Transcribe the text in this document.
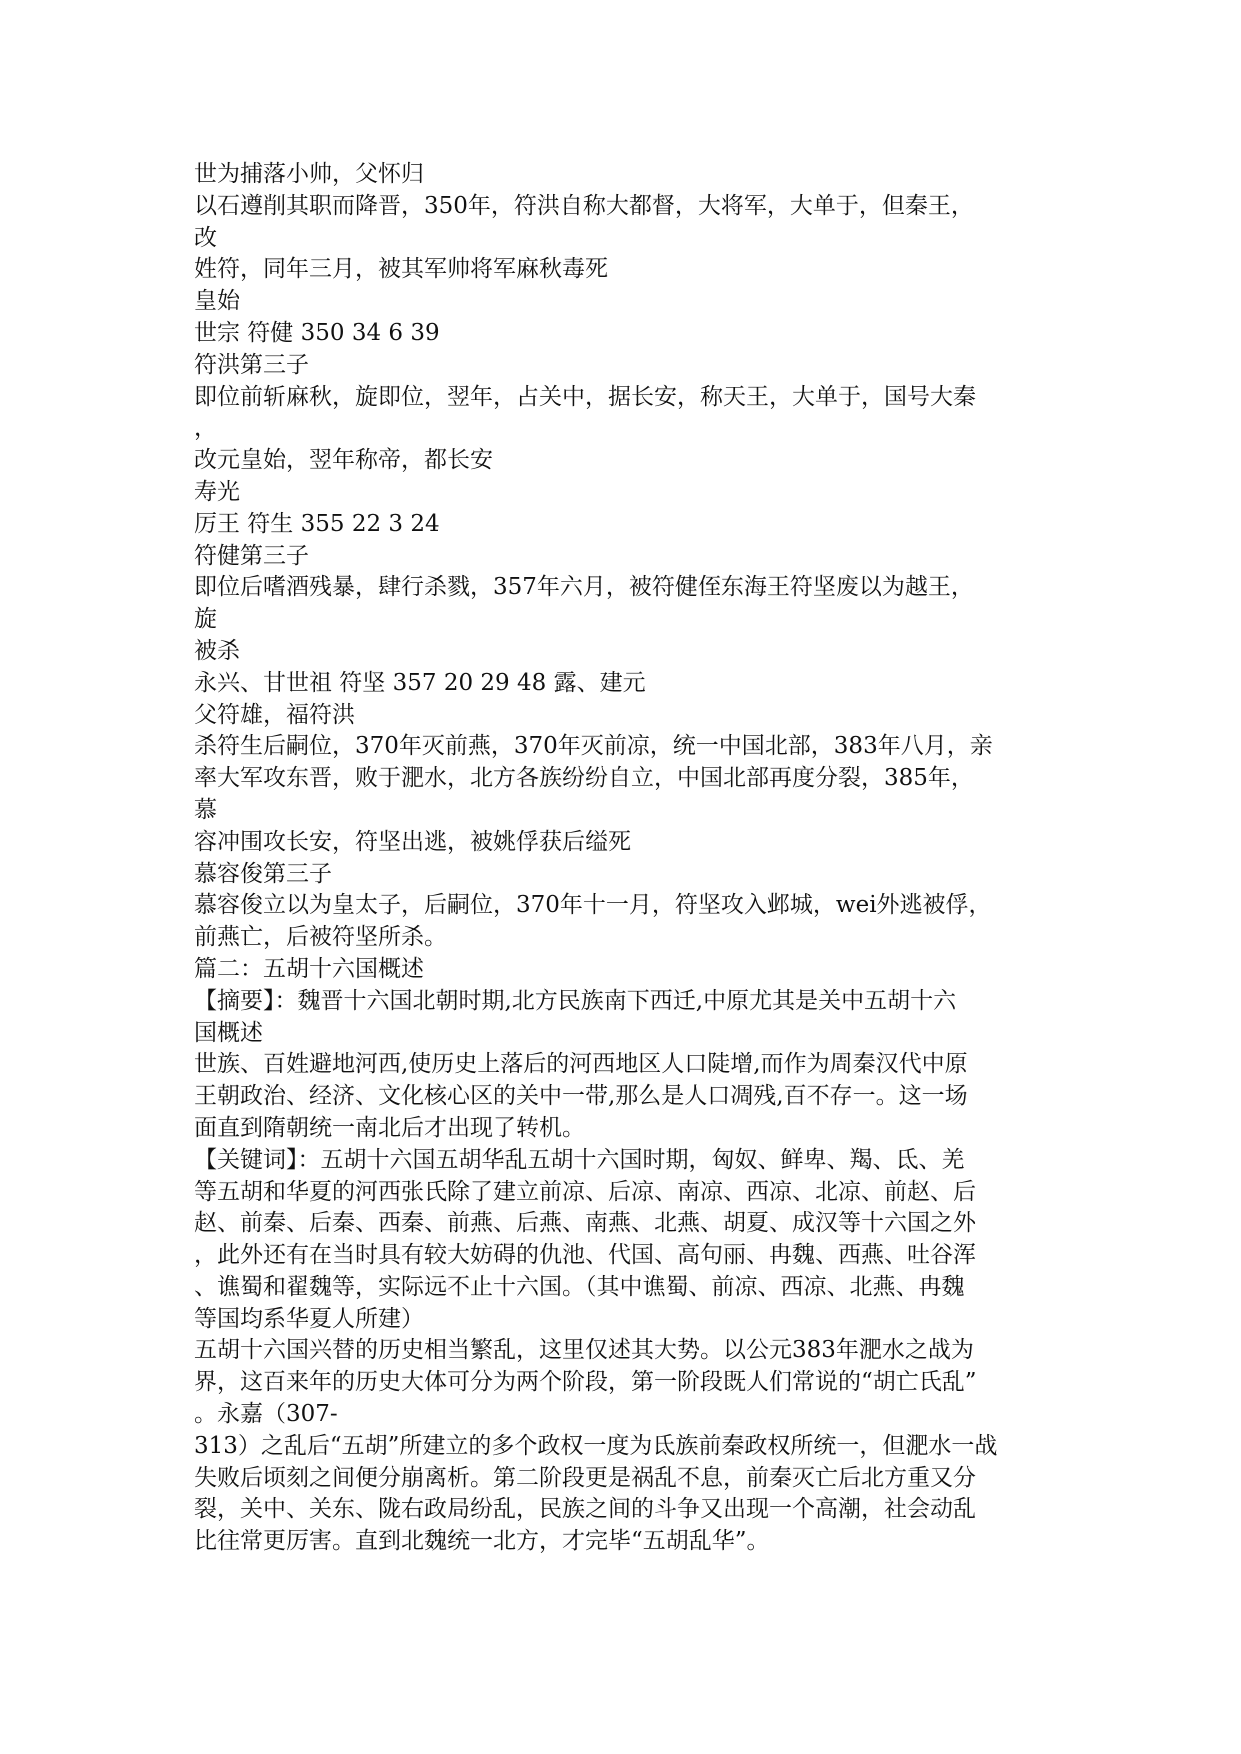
世为捕落小帅，父怀归
以石遵削其职而降晋，350年，符洪自称大都督，大将军，大单于，但秦王，
改
姓符，同年三月，被其军帅将军麻秋毒死
皇始
世宗 符健 350 34 6 39
符洪第三子
即位前斩麻秋，旋即位，翌年，占关中，据长安，称天王，大单于，国号大秦
，
改元皇始，翌年称帝，都长安
寿光
厉王 符生 355 22 3 24
符健第三子
即位后嗜酒残暴，肆行杀戮，357年六月，被符健侄东海王符坚废以为越王，
旋
被杀
永兴、甘世祖 符坚 357 20 29 48 露、建元
父符雄，福符洪
杀符生后嗣位，370年灭前燕，370年灭前凉，统一中国北部，383年八月，亲
率大军攻东晋，败于淝水，北方各族纷纷自立，中国北部再度分裂，385年，
慕
容冲围攻长安，符坚出逃，被姚俘获后缢死
慕容俊第三子
慕容俊立以为皇太子，后嗣位，370年十一月，符坚攻入邺城，wei外逃被俘，
前燕亡，后被符坚所杀。
篇二：五胡十六国概述
【摘要】：魏晋十六国北朝时期,北方民族南下西迁,中原尤其是关中五胡十六
国概述
世族、百姓避地河西,使历史上落后的河西地区人口陡增,而作为周秦汉代中原
王朝政治、经济、文化核心区的关中一带,那么是人口凋残,百不存一。这一场
面直到隋朝统一南北后才出现了转机。
【关键词】：五胡十六国五胡华乱五胡十六国时期，匈奴、鲜卑、羯、氐、羌
等五胡和华夏的河西张氏除了建立前凉、后凉、南凉、西凉、北凉、前赵、后
赵、前秦、后秦、西秦、前燕、后燕、南燕、北燕、胡夏、成汉等十六国之外
，此外还有在当时具有较大妨碍的仇池、代国、高句丽、冉魏、西燕、吐谷浑
、谯蜀和翟魏等，实际远不止十六国。（其中谯蜀、前凉、西凉、北燕、冉魏
等国均系华夏人所建）
五胡十六国兴替的历史相当繁乱，这里仅述其大势。以公元383年淝水之战为
界，这百来年的历史大体可分为两个阶段，第一阶段既人们常说的“胡亡氏乱”
。永嘉（307-
313）之乱后“五胡”所建立的多个政权一度为氐族前秦政权所统一，但淝水一战
失败后顷刻之间便分崩离析。第二阶段更是祸乱不息，前秦灭亡后北方重又分
裂，关中、关东、陇右政局纷乱，民族之间的斗争又出现一个高潮，社会动乱
比往常更厉害。直到北魏统一北方，才完毕“五胡乱华”。
